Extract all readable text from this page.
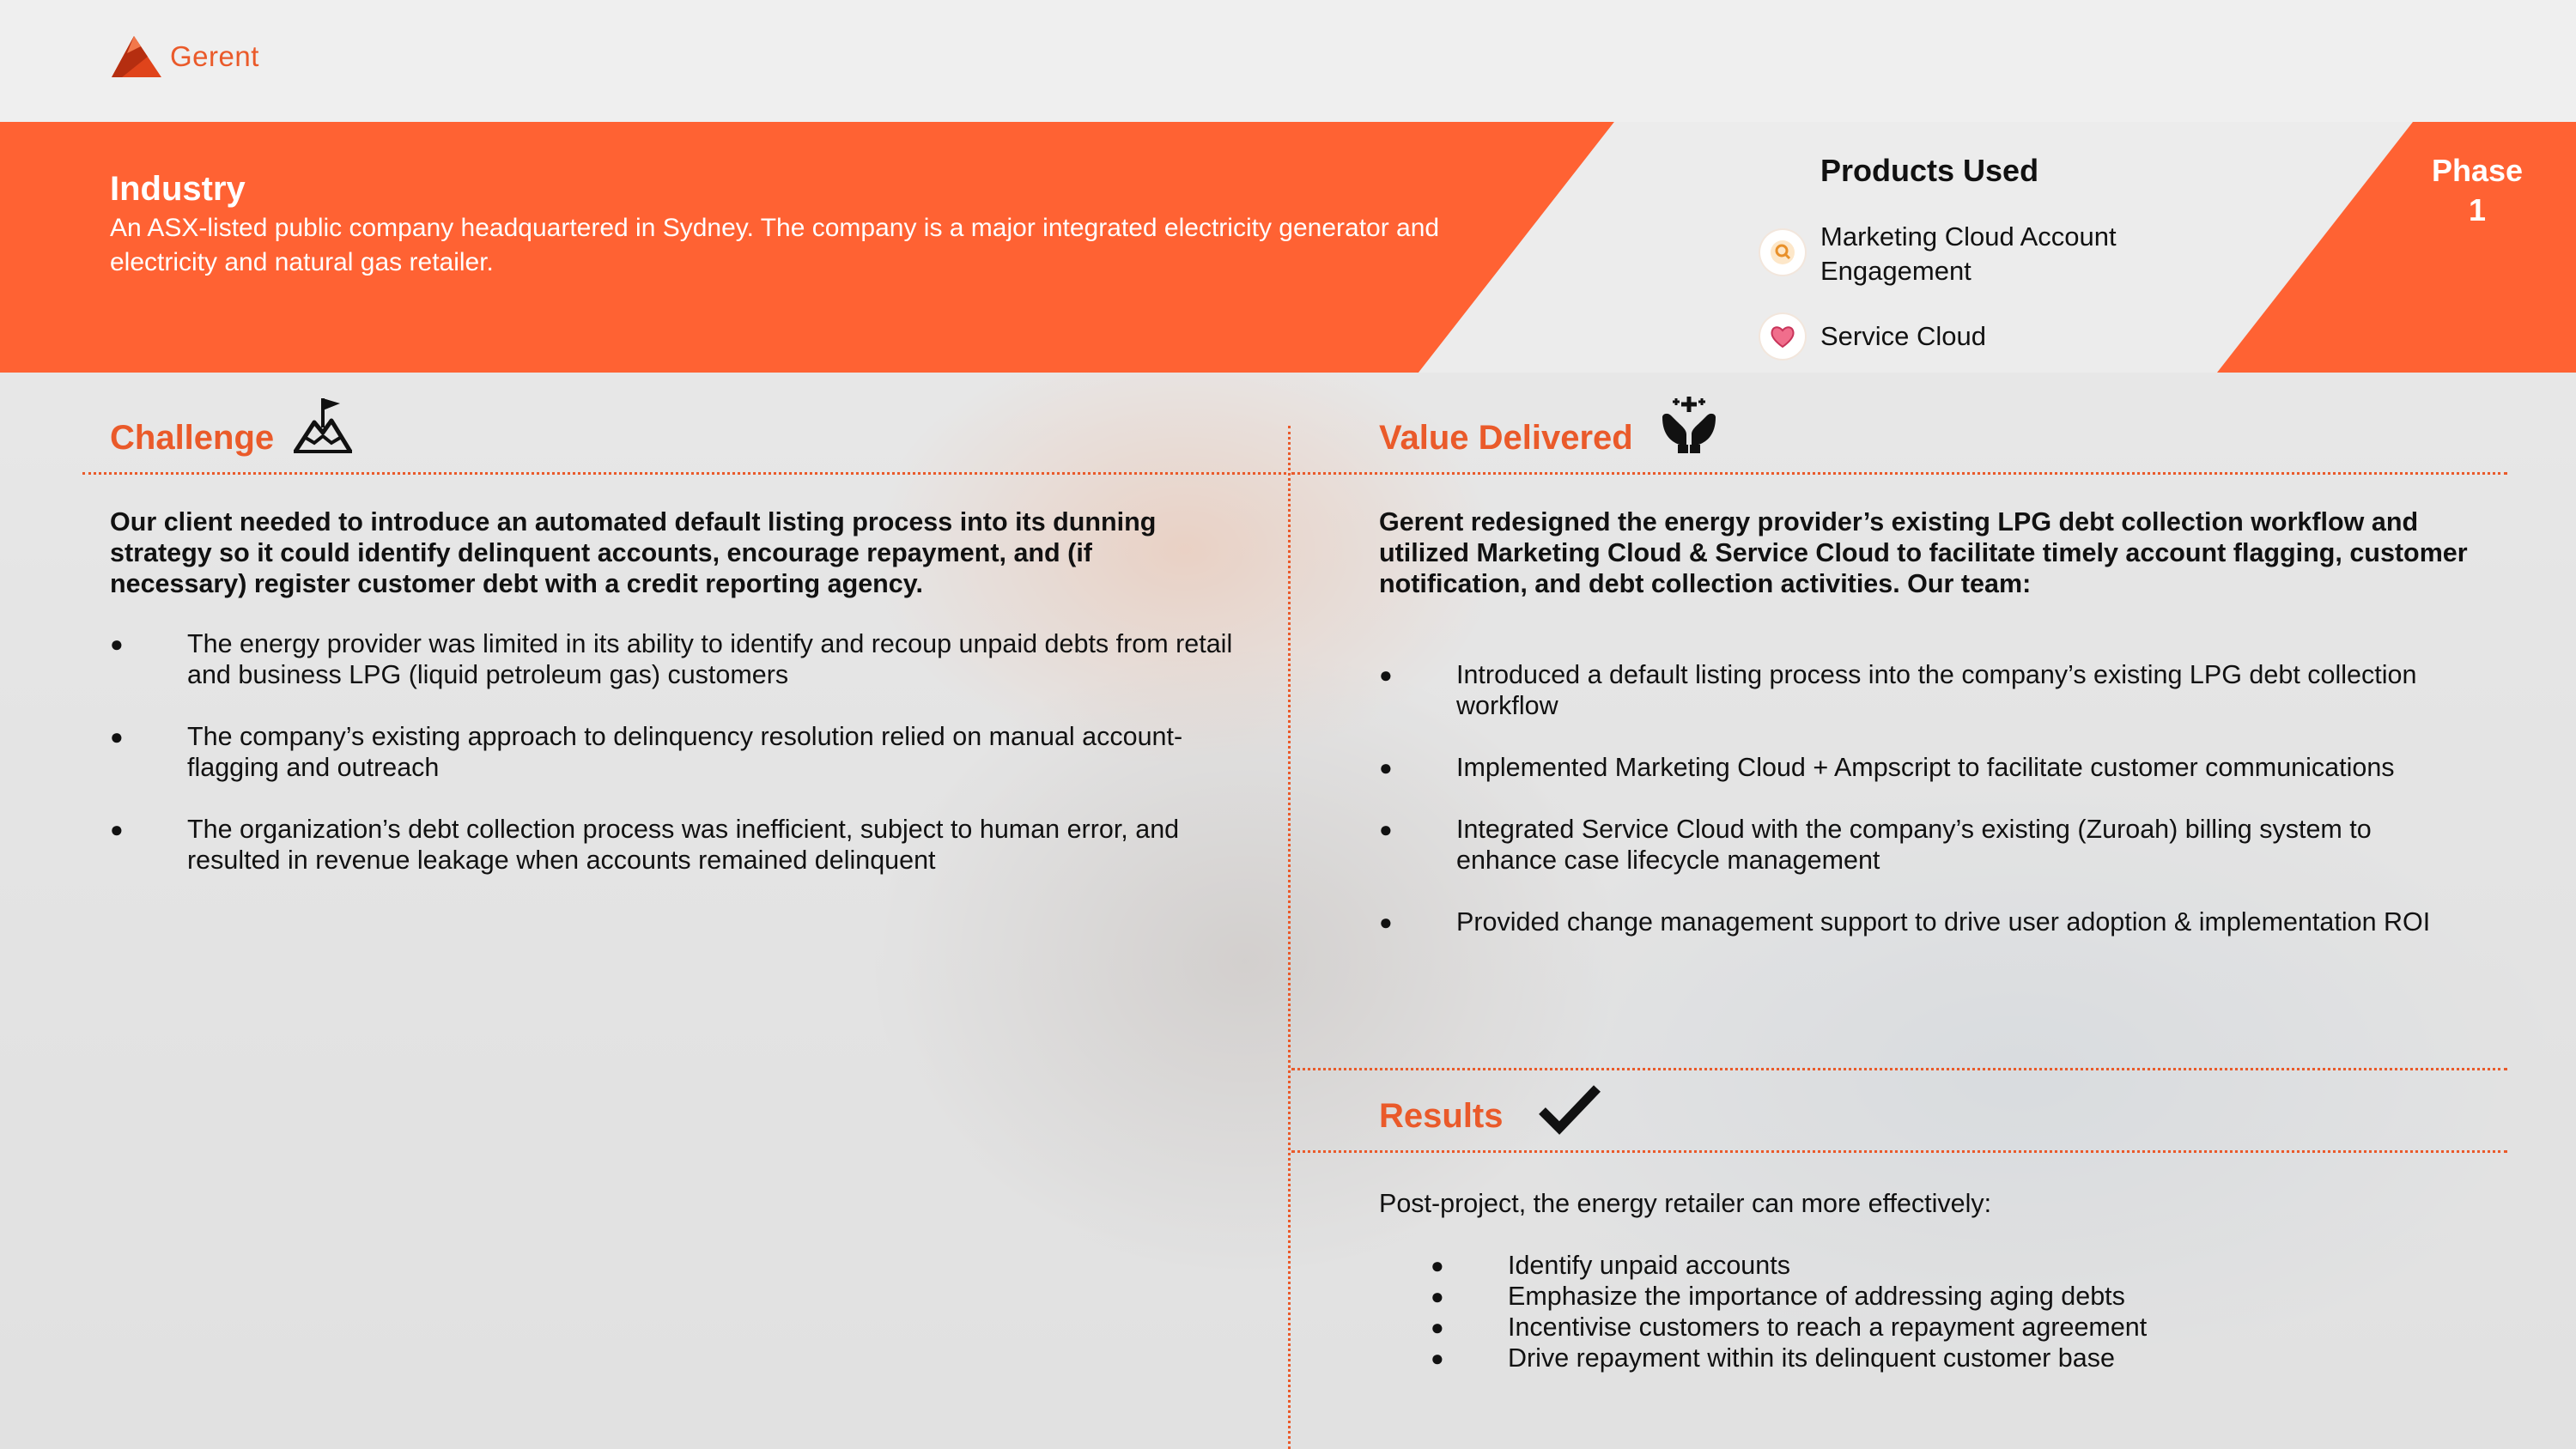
Gerent
Industry
An ASX-listed public company headquartered in Sydney. The company is a major integrated electricity generator and electricity and natural gas retailer.
Products Used
Marketing Cloud Account Engagement
Service Cloud
Phase
1
Challenge
Our client needed to introduce an automated default listing process into its dunning strategy so it could identify delinquent accounts, encourage repayment, and (if necessary) register customer debt with a credit reporting agency.
● The energy provider was limited in its ability to identify and recoup unpaid debts from retail and business LPG (liquid petroleum gas) customers
● The company’s existing approach to delinquency resolution relied on manual account-flagging and outreach
● The organization’s debt collection process was inefficient, subject to human error, and resulted in revenue leakage when accounts remained delinquent
Value Delivered
Gerent redesigned the energy provider’s existing LPG debt collection workflow and utilized Marketing Cloud & Service Cloud to facilitate timely account flagging, customer notification, and debt collection activities. Our team:
● Introduced a default listing process into the company’s existing LPG debt collection workflow
● Implemented Marketing Cloud + Ampscript to facilitate customer communications
● Integrated Service Cloud with the company’s existing (Zuroah) billing system to enhance case lifecycle management
● Provided change management support to drive user adoption & implementation ROI
Results
Post-project, the energy retailer can more effectively:
● Identify unpaid accounts
● Emphasize the importance of addressing aging debts
● Incentivise customers to reach a repayment agreement
● Drive repayment within its delinquent customer base
